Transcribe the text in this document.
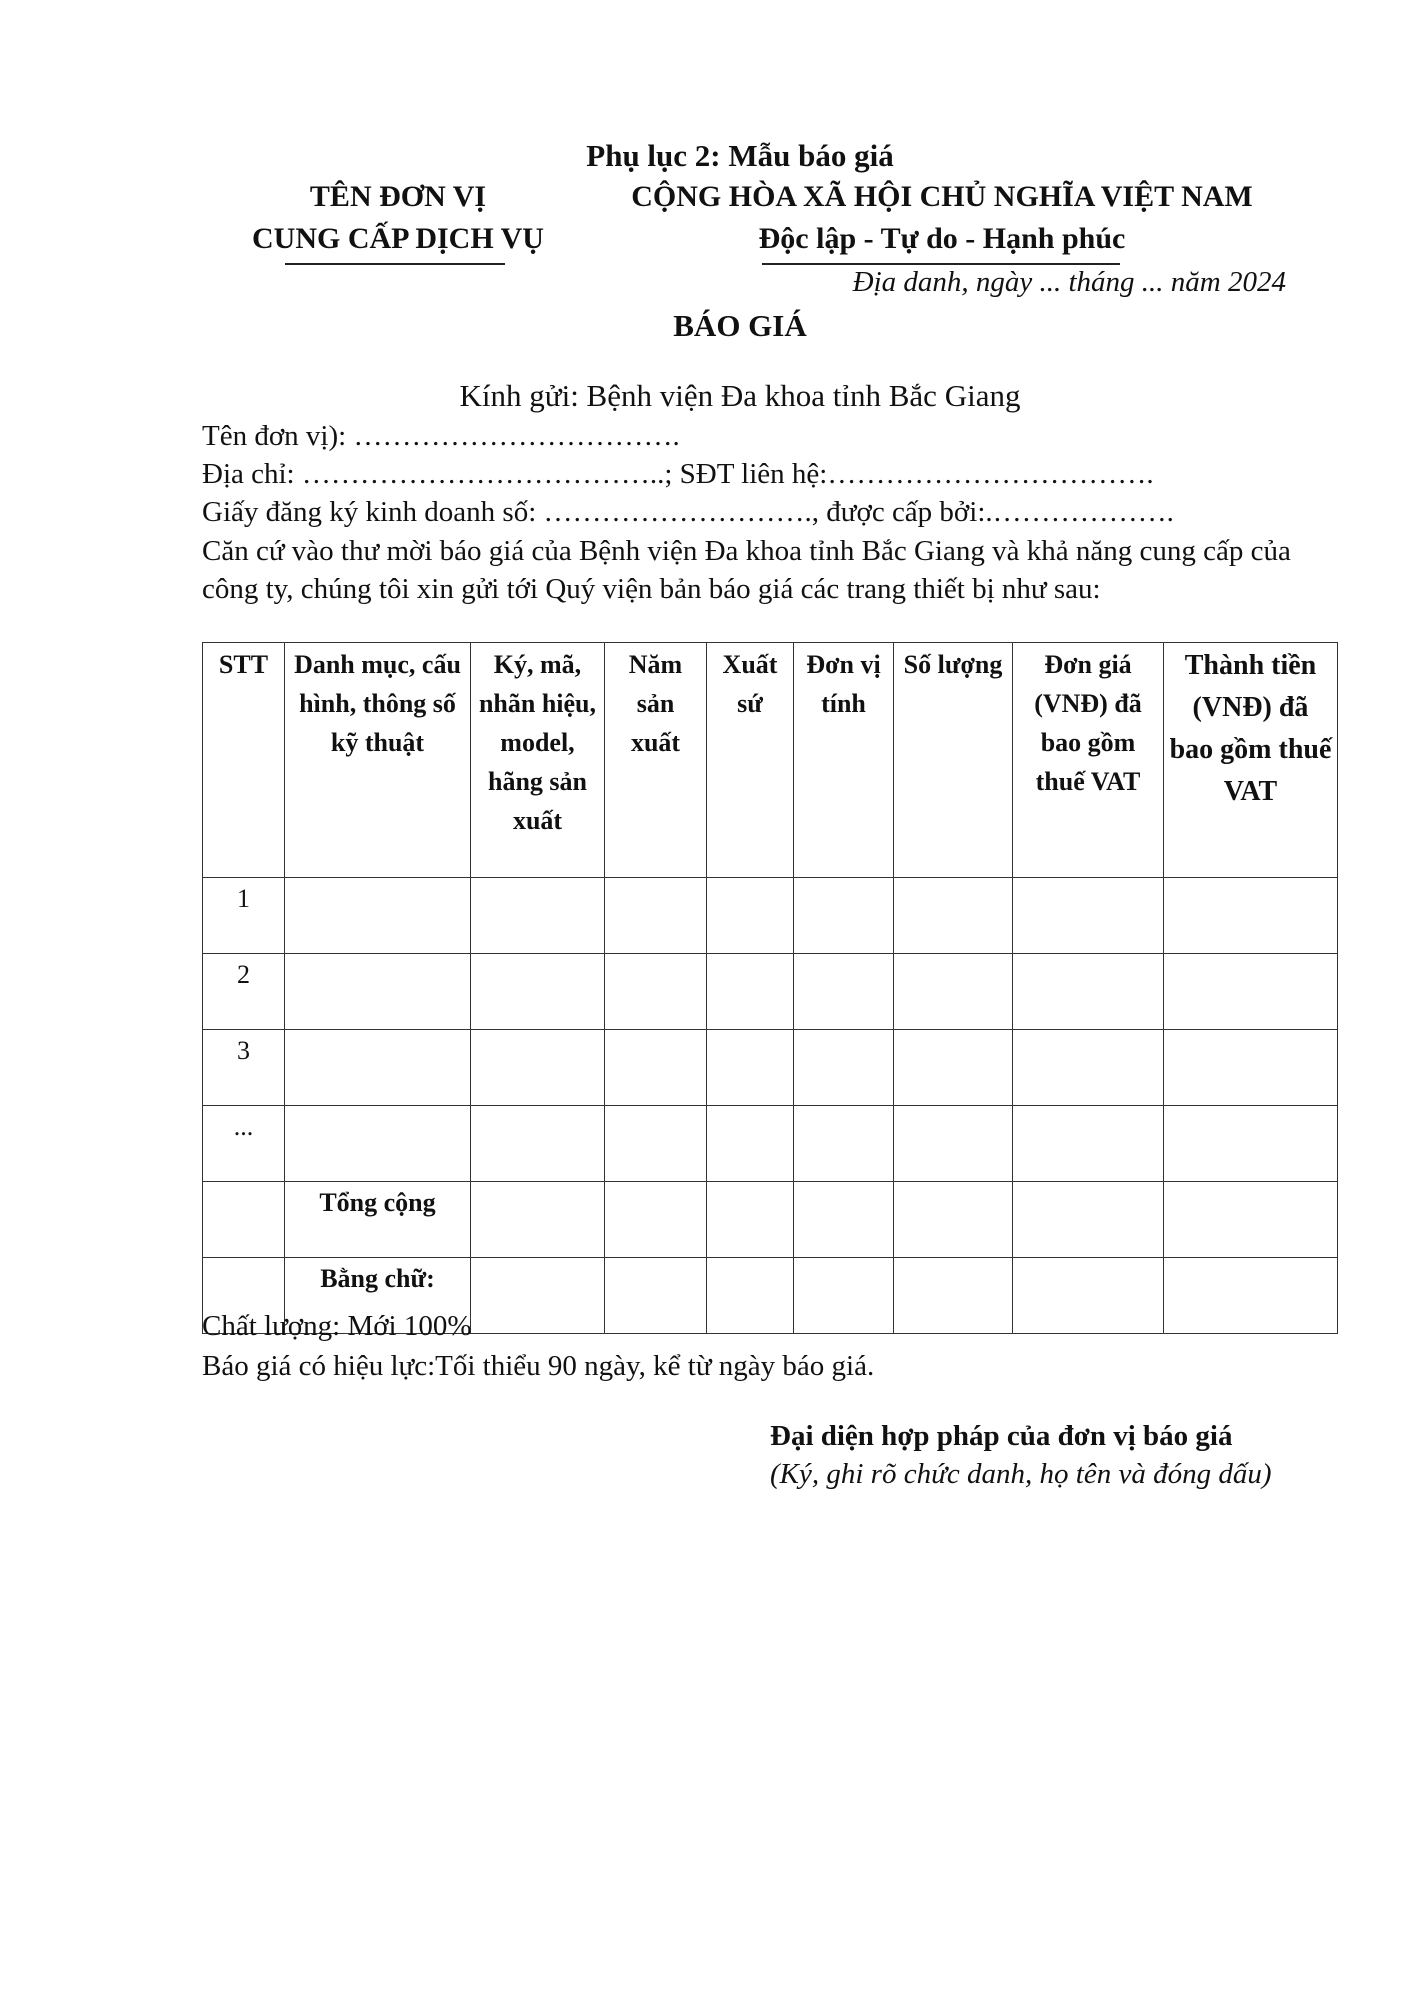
Phụ lục 2: Mẫu báo giá
TÊN ĐƠN VỊ
CUNG CẤP DỊCH VỤ
CỘNG HÒA XÃ HỘI CHỦ NGHĨA VIỆT NAM
Độc lập - Tự do - Hạnh phúc
Địa danh, ngày ... tháng ... năm 2024
BÁO GIÁ
Kính gửi: Bệnh viện Đa khoa tỉnh Bắc Giang
Tên đơn vị): …………………………….
Địa chỉ: ………………………………..; SĐT liên hệ:…………………………….
Giấy đăng ký kinh doanh số: ………………………., được cấp bởi:.……………….
Căn cứ vào thư mời báo giá của Bệnh viện Đa khoa tỉnh Bắc Giang và khả năng cung cấp của công ty, chúng tôi xin gửi tới Quý viện bản báo giá các trang thiết bị như sau:
STT	Danh mục, cấu hình, thông số kỹ thuật	Ký, mã, nhãn hiệu, model, hãng sản xuất	Năm sản xuất	Xuất sứ	Đơn vị tính	Số lượng	Đơn giá (VNĐ) đã bao gồm thuế VAT	Thành tiền (VNĐ) đã bao gồm thuế VAT
1								
2								
3								
...								
	Tổng cộng							
	Bằng chữ:							
Chất lượng: Mới 100%
Báo giá có hiệu lực:Tối thiểu 90 ngày, kể từ ngày báo giá.
Đại diện hợp pháp của đơn vị báo giá
(Ký, ghi rõ chức danh, họ tên và đóng dấu)
